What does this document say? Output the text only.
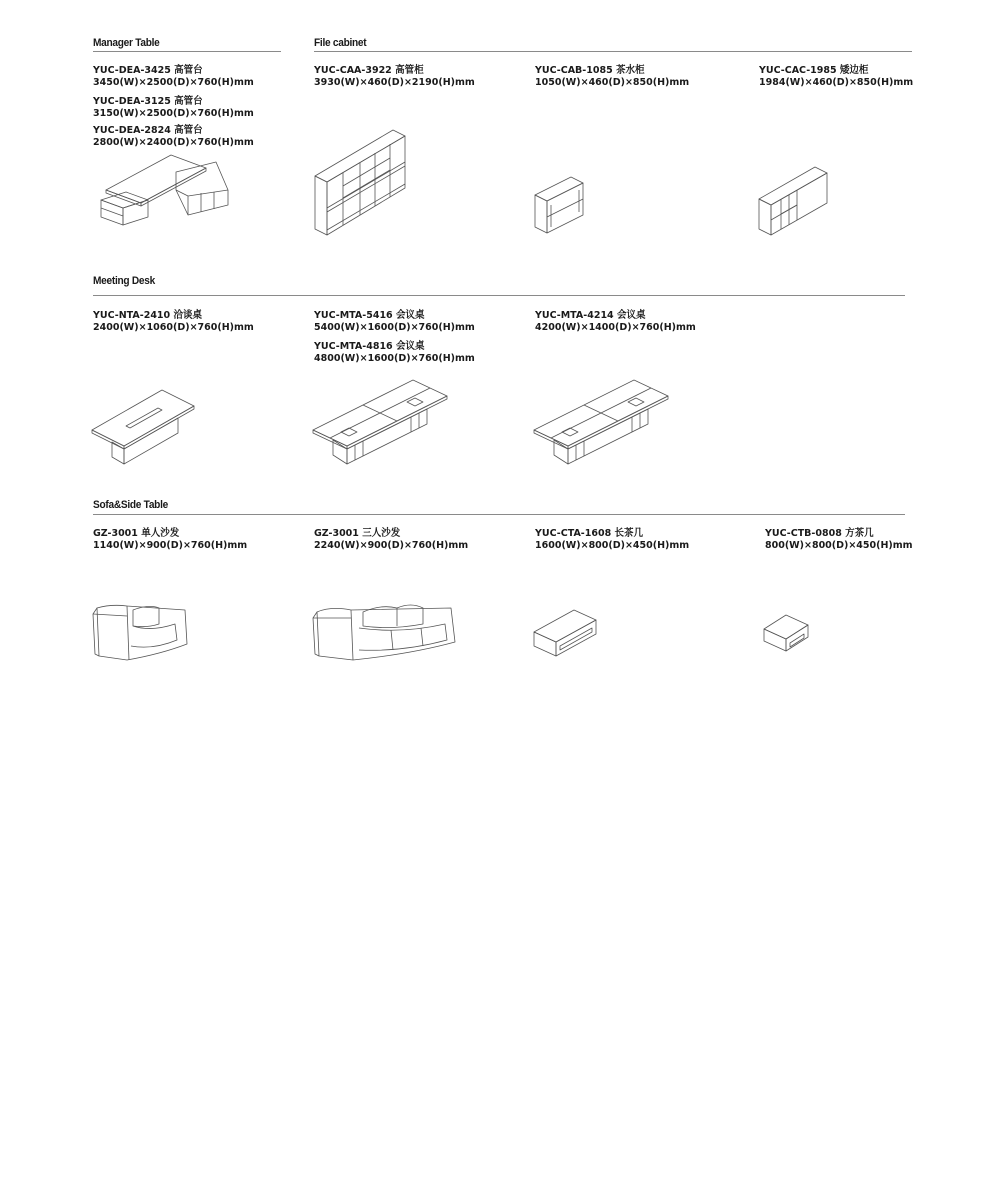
Manager Table	File cabinet
YUC-DEA-3425 高管台
3450(W)×2500(D)×760(H)mm
YUC-DEA-3125 高管台
3150(W)×2500(D)×760(H)mm
YUC-DEA-2824 高管台
2800(W)×2400(D)×760(H)mm
YUC-CAA-3922 高管柜
3930(W)×460(D)×2190(H)mm
YUC-CAB-1085 茶水柜
1050(W)×460(D)×850(H)mm
YUC-CAC-1985 矮边柜
1984(W)×460(D)×850(H)mm
Meeting Desk
YUC-NTA-2410 洽谈桌
2400(W)×1060(D)×760(H)mm
YUC-MTA-5416 会议桌
5400(W)×1600(D)×760(H)mm
YUC-MTA-4816 会议桌
4800(W)×1600(D)×760(H)mm
YUC-MTA-4214 会议桌
4200(W)×1400(D)×760(H)mm
Sofa&Side Table
GZ-3001 单人沙发
1140(W)×900(D)×760(H)mm
GZ-3001 三人沙发
2240(W)×900(D)×760(H)mm
YUC-CTA-1608 长茶几
1600(W)×800(D)×450(H)mm
YUC-CTB-0808 方茶几
800(W)×800(D)×450(H)mm
